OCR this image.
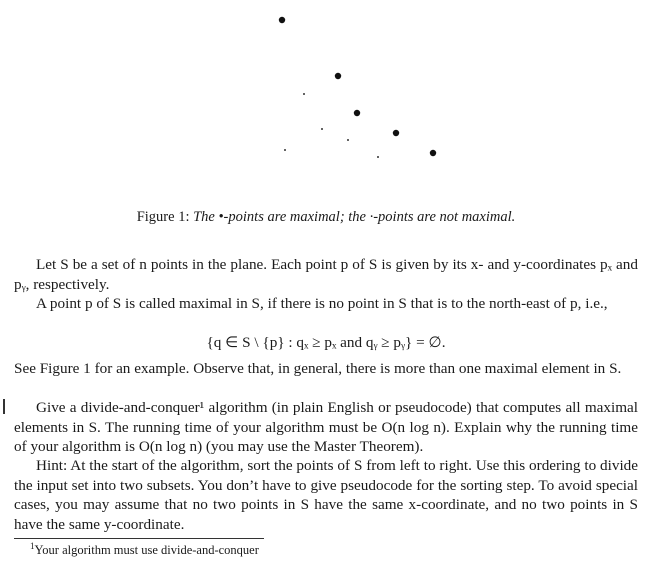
Figure 1: The •-points are maximal; the ·-points are not maximal.

Let S be a set of n points in the plane. Each point p of S is given by its x- and y-coordinates pₓ and pᵧ, respectively.

A point p of S is called maximal in S, if there is no point in S that is to the north-east of p, i.e.,

{q ∈ S \ {p} : qₓ ≥ pₓ and qᵧ ≥ pᵧ} = ∅.

See Figure 1 for an example. Observe that, in general, there is more than one maximal element in S.

Give a divide-and-conquer¹ algorithm (in plain English or pseudocode) that computes all maximal elements in S. The running time of your algorithm must be O(n log n). Explain why the running time of your algorithm is O(n log n) (you may use the Master Theorem).

Hint: At the start of the algorithm, sort the points of S from left to right. Use this ordering to divide the input set into two subsets. You don’t have to give pseudocode for the sorting step. To avoid special cases, you may assume that no two points in S have the same x-coordinate, and no two points in S have the same y-coordinate.

$^1$Your algorithm must use divide-and-conquer
